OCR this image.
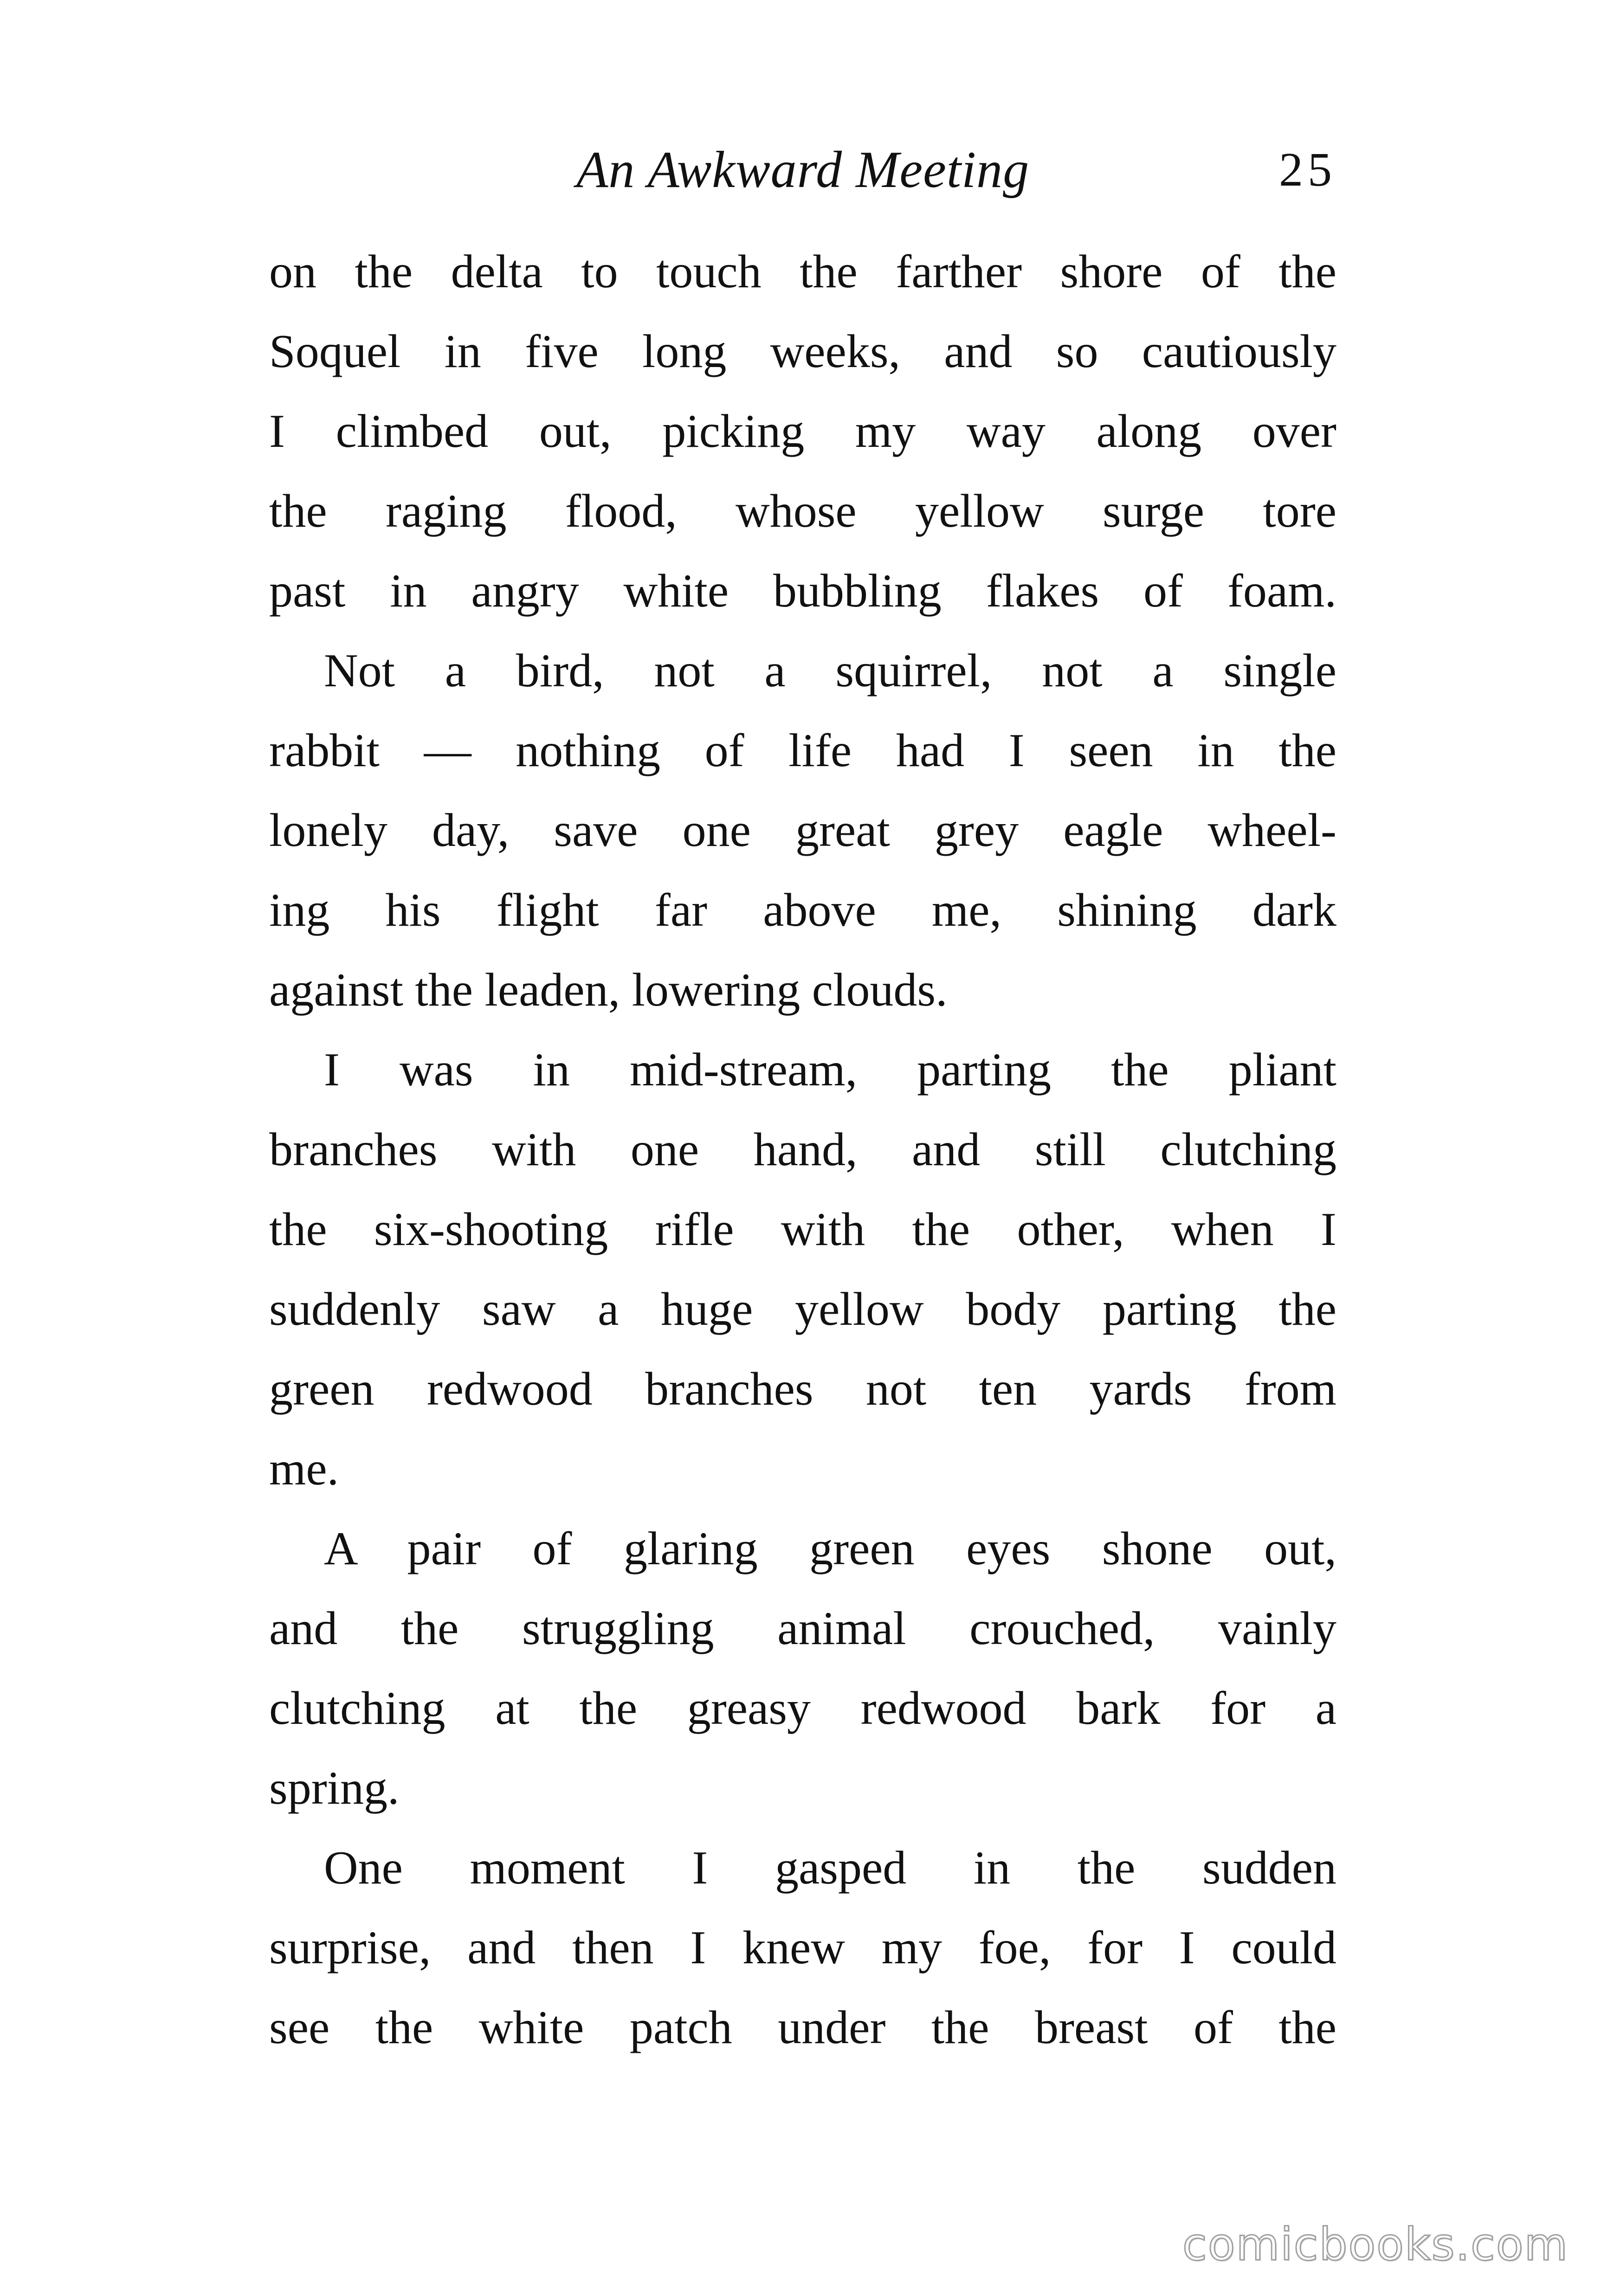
An Awkward Meeting	25
on the delta to touch the farther shore of the
Soquel in five long weeks, and so cautiously
I climbed out, picking my way along over
the raging flood, whose yellow surge tore
past in angry white bubbling flakes of foam.
Not a bird, not a squirrel, not a single
rabbit — nothing of life had I seen in the
lonely day, save one great grey eagle wheel-
ing his flight far above me, shining dark
against the leaden, lowering clouds.
I was in mid-stream, parting the pliant
branches with one hand, and still clutching
the six-shooting rifle with the other, when I
suddenly saw a huge yellow body parting the
green redwood branches not ten yards from
me.
A pair of glaring green eyes shone out,
and the struggling animal crouched, vainly
clutching at the greasy redwood bark for a
spring.
One moment I gasped in the sudden
surprise, and then I knew my foe, for I could
see the white patch under the breast of the
comicbooks.com
